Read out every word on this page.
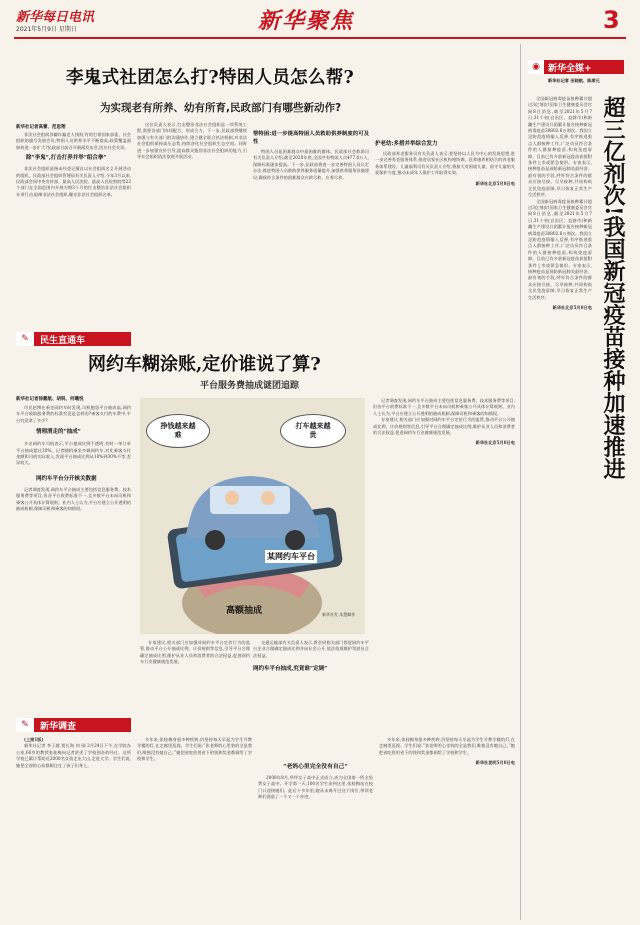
新华每日电讯
2021年5月9日 星期日	新华聚焦	3
李鬼式社团怎么打?特困人员怎么帮?
为实现老有所养、幼有所育,民政部门有哪些新动作?
新华社记者高蕾、范思翔

非法社会组织涉嫌诈骗老人钱财,有的打着国家部委、社会组织的旗号发展会员;特困人员供养水平不断提高,政策覆盖面如何进一步扩大?民政部日前召开新闻发布会,回应社会关切。

除“李鬼”,打击打养并举“组合拳”

非法社会组织是指未经登记擅自以社会组织名义开展活动的组织。民政部社会组织管理局有关负责人介绍,今年3月以来,民政部会同中央宣传部、最高人民法院、最高人民检察院等22个部门在全国范围内开展为期3个月的打击整治非法社会组织专项行动,取缔非法社会组织,曝光非法社会组织名单。

这位负责人表示,打击整治非法社会组织是一项系统工程,需要各部门协同配合、形成合力。下一步,民政部将继续加强与有关部门的沟通协作,建立健全联合执法机制,对非法社会组织保持高压态势,持续净化社会组织生态空间。同时进一步加强宣传引导,提高群众甄别非法社会组织的能力,引导社会组织依法依规开展活动。

帮特困:进一步提高特困人员救助供养制度的可及性

特困人员是困难群众中最困难的群体。民政部社会救助司有关负责人介绍,截至2020年底,全国共有特困人员477.6万人,保障标准逐步提高。下一步,民政部将进一步完善特困人员认定办法,推进特困人员救助供养服务质量提升,加强供养服务设施建设,确保符合条件的困难群众应救尽救、应养尽养。

护老幼:多措并举综合发力

民政部养老服务司有关负责人表示,要坚持以人民为中心的发展思想,进一步完善养老服务体系,推进居家社区机构相协调、医养康养相结合的养老服务体系建设。儿童福利司有关负责人介绍,将加大对困境儿童、留守儿童的关爱保护力度,推动未成年人保护工作取得实效。

新华社北京5月8日电
✎	民生直通车
网约车糊涂账,定价谁说了算?
平台服务费抽成谜团追踪
新华社记者徐鹏航、胡锐、何曦悦

市民赵博在乘坐网约车时发现,司机抱怨平台抽成高,网约车平台收取服务费的标准究竟是怎样的?乘客支付的车费中,平台究竟拿了多少?

情理渭走的“抽成”

多名网约车司机表示,平台抽成比例不透明,有时一单订单平台抽成超过20%。记者随机乘坐多辆网约车,对比乘客支付金额和司机实际收入,发现平台抽成比例从10%到30%不等,差异较大。

网约车平台分开核关数据

记者调查发现,网约车平台抽成主要包括信息服务费、技术服务费等项目,但各平台收费标准不一,且多数平台未向司机和乘客公开具体计算规则。业内人士认为,平台应建立公开透明的抽成机制,保障司机和乘客的知情权。

挣钱越来越难
打车越来越贵
某网约车平台
高额抽成	新华社发 朱慧卿作

专家建议,相关部门应加强对网约车平台定价行为的监管,推动平台公开抽成比例、计价规则等信息,引导平台合理确定抽成比例,维护从业人员和消费者的合法权益,促进网约车行业健康规范发展。

交通运输部有关负责人表示,将会同相关部门督促网约车平台企业合理确定抽成比例并向社会公开,依法依规维护驾驶员合法权益。

网约车平台抽成,究竟谁“定调”

记者调查发现,网约车平台抽成主要包括信息服务费、技术服务费等项目,但各平台收费标准不一,且多数平台未向司机和乘客公开具体计算规则。业内人士认为,平台应建立公开透明的抽成机制,保障司机和乘客的知情权。

专家建议,相关部门应加强对网约车平台定价行为的监管,推动平台公开抽成比例、计价规则等信息,引导平台合理确定抽成比例,维护从业人员和消费者的合法权益,促进网约车行业健康规范发展。

新华社北京5月8日电
✎	新华调查

(上接1版)

新华社记者 李子越 贾长海 何 刚 2月24日下午,在学院办公室,60岁的教授张桂梅向记者讲述了学校创办的经过。这所学校已累计帮助近2000名女孩走出大山,走进大学。学生们说,她把全部的心血都倾注在了孩子们身上。

多年来,张桂梅身患多种疾病,仍坚持每天早起为学生开教学楼的灯,在走廊里巡视。学生们说:“张老师的心里装的全是我们,唯独没有她自己。”她把省吃俭用省下的钱和奖金都捐给了学校和学生。

“老妈心里完全没有自己”

2008年8月,华坪女子高中正式成立,成为全国第一所全免费女子高中。开学第一天,100名学生来到这里,张桂梅站在校门口迎接她们。此后十多年里,她从未离开过这个岗位,带领老师们创造了一个又一个奇迹。

多年来,张桂梅身患多种疾病,仍坚持每天早起为学生开教学楼的灯,在走廊里巡视。学生们说:“张老师的心里装的全是我们,唯独没有她自己。”她把省吃俭用省下的钱和奖金都捐给了学校和学生。

新华社昆明5月8日电
◉ 新华全媒+
新华社记者 田晓航、陈席元
超三亿剂次!我国新冠疫苗接种加速推进

全国新冠病毒疫苗接种累计超过3亿剂次!国家卫生健康委员会官网8日消息,截至2021年5月7日,31个省(自治区、直辖市)和新疆生产建设兵团累计报告接种新冠病毒疫苗30802.6万剂次。我国立足防范疫情输入反弹,有序推进重点人群接种工作,广泛动员符合条件的人群接种疫苗,构筑免疫屏障。目前已有多款新冠疫苗获批附条件上市或紧急使用。专家表示,接种疫苗是预防新冠肺炎最经济、最有效的手段,呼吁符合条件的群众应接尽接、尽早接种,共同构筑全民免疫屏障,早日恢复正常生产生活秩序。

全国新冠病毒疫苗接种累计超过3亿剂次!国家卫生健康委员会官网8日消息,截至2021年5月7日,31个省(自治区、直辖市)和新疆生产建设兵团累计报告接种新冠病毒疫苗30802.6万剂次。我国立足防范疫情输入反弹,有序推进重点人群接种工作,广泛动员符合条件的人群接种疫苗,构筑免疫屏障。目前已有多款新冠疫苗获批附条件上市或紧急使用。专家表示,接种疫苗是预防新冠肺炎最经济、最有效的手段,呼吁符合条件的群众应接尽接、尽早接种,共同构筑全民免疫屏障,早日恢复正常生产生活秩序。

新华社北京5月8日电
